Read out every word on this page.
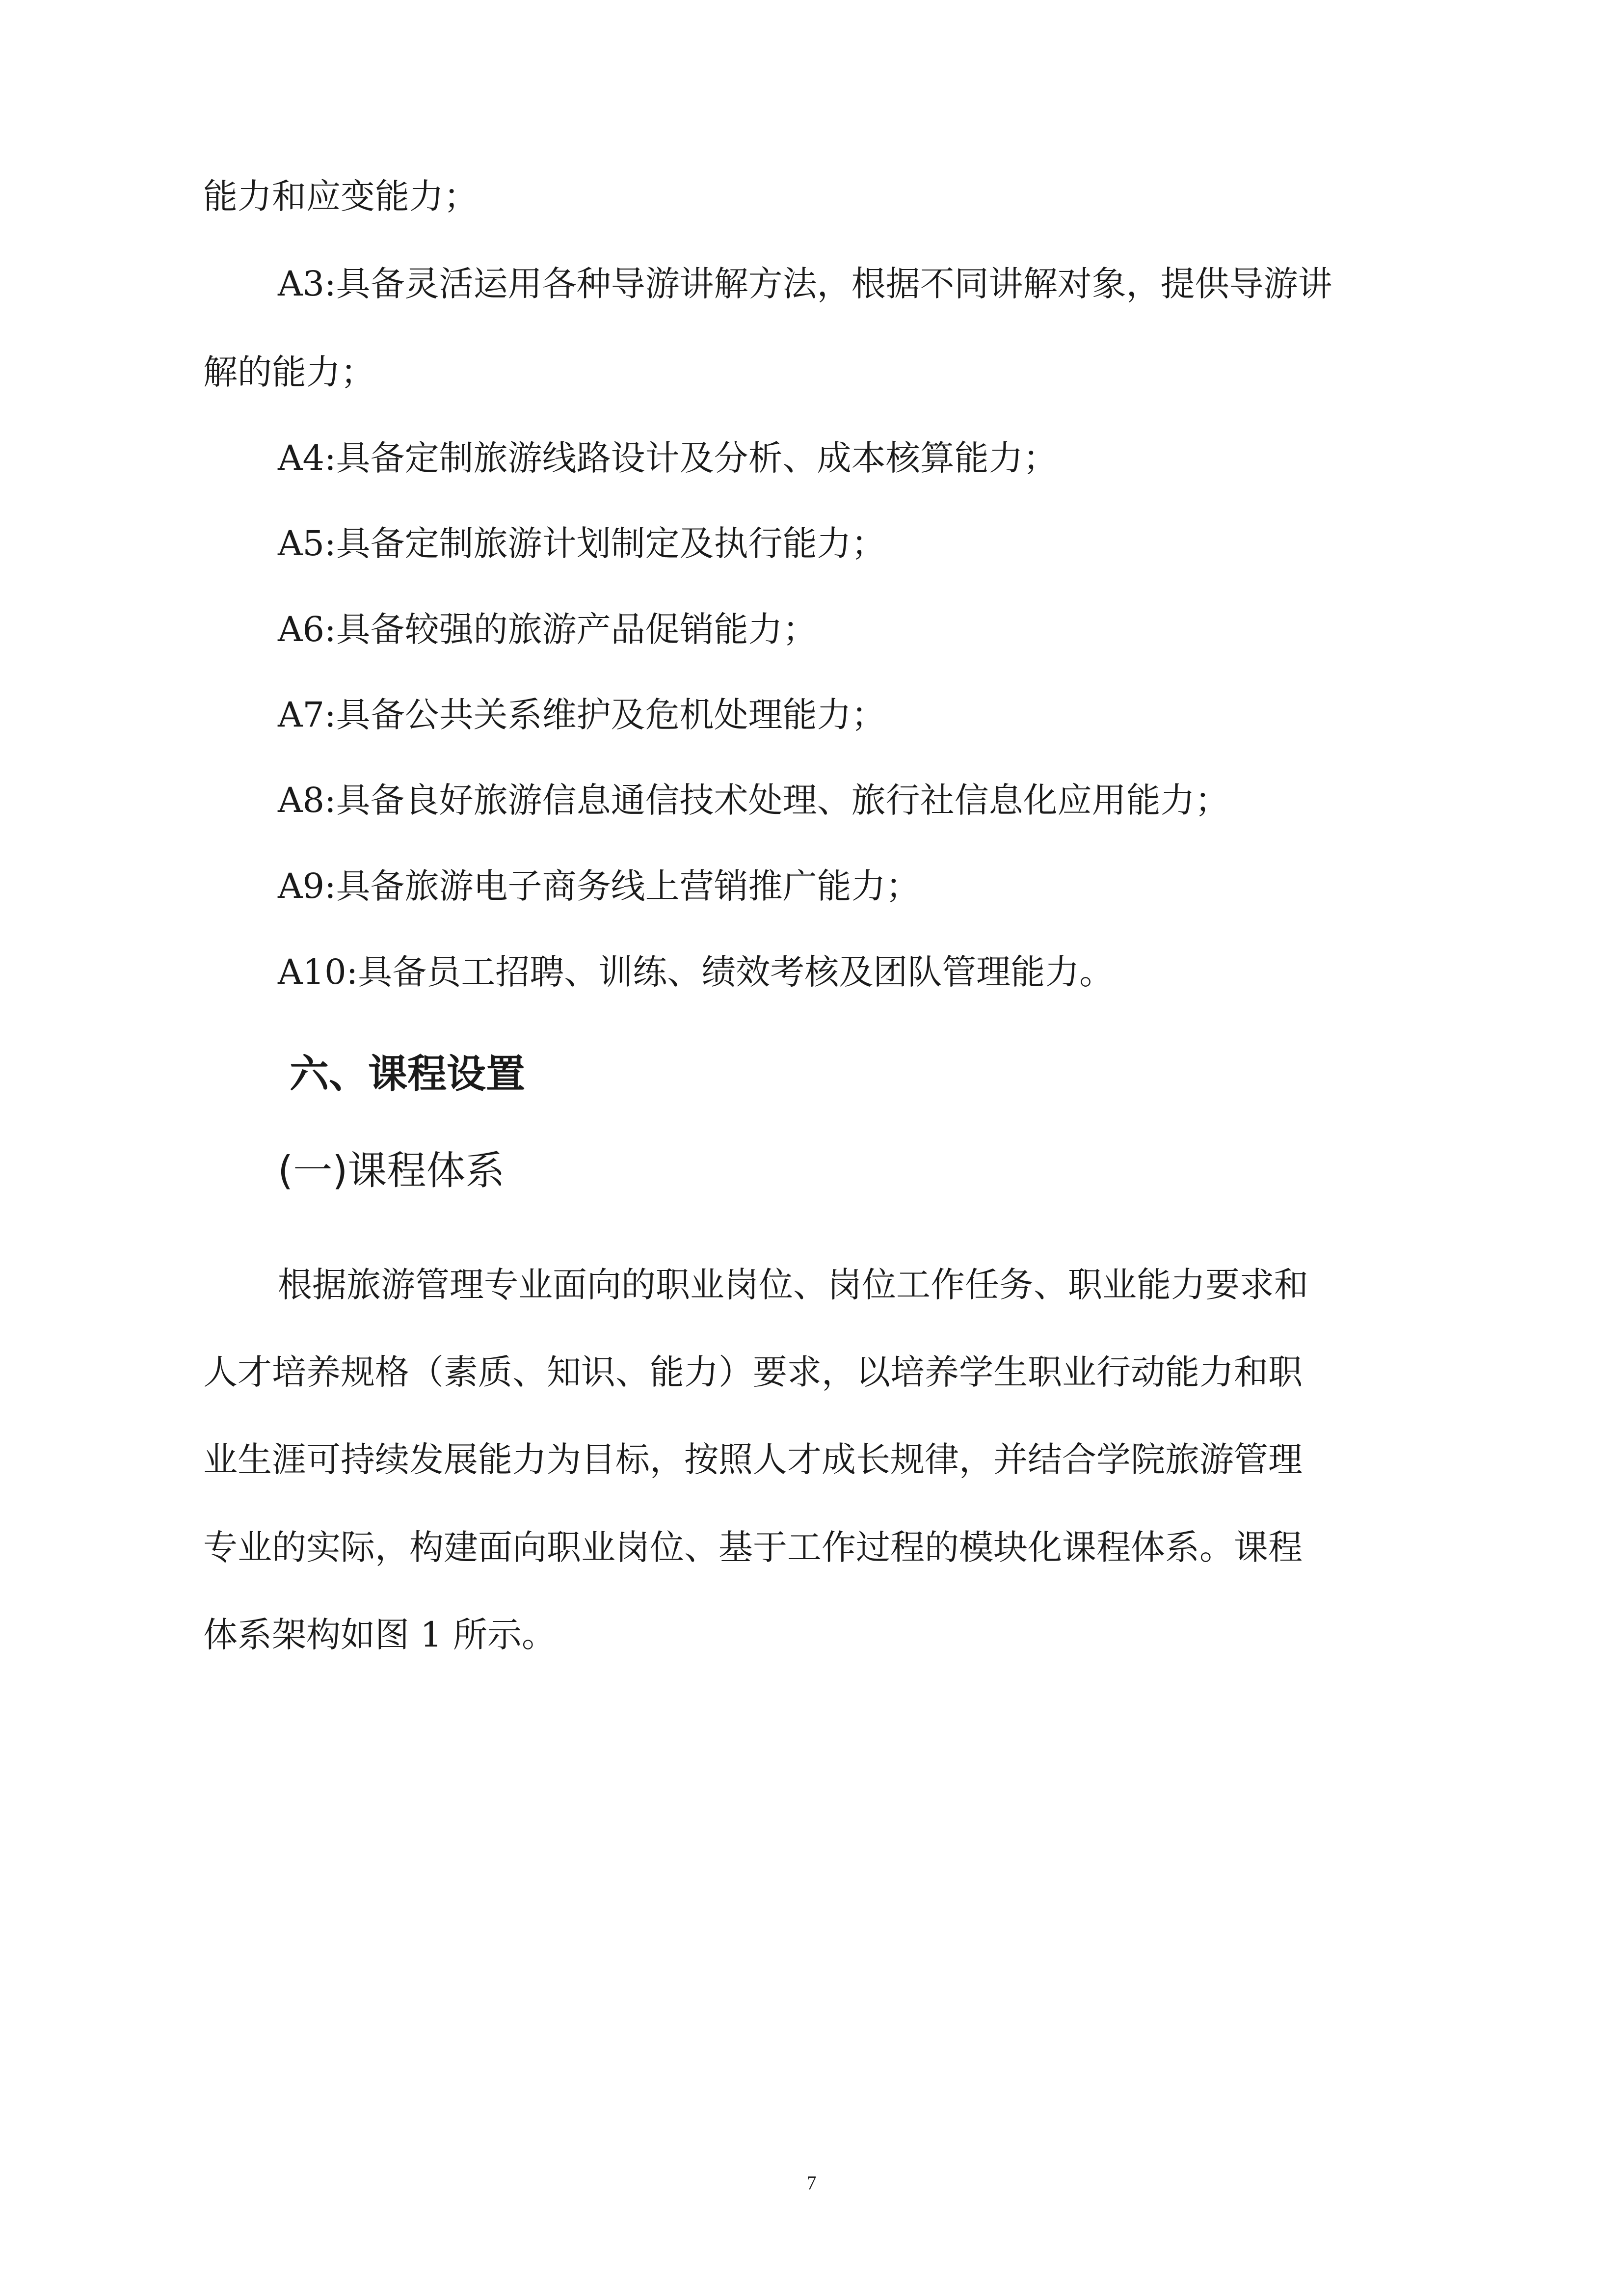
能力和应变能力；
A3:具备灵活运用各种导游讲解方法，根据不同讲解对象，提供导游讲
解的能力；
A4:具备定制旅游线路设计及分析、成本核算能力；
A5:具备定制旅游计划制定及执行能力；
A6:具备较强的旅游产品促销能力；
A7:具备公共关系维护及危机处理能力；
A8:具备良好旅游信息通信技术处理、旅行社信息化应用能力；
A9:具备旅游电子商务线上营销推广能力；
A10:具备员工招聘、训练、绩效考核及团队管理能力。
六、课程设置
(一)课程体系
根据旅游管理专业面向的职业岗位、岗位工作任务、职业能力要求和
人才培养规格（素质、知识、能力）要求，以培养学生职业行动能力和职
业生涯可持续发展能力为目标，按照人才成长规律，并结合学院旅游管理
专业的实际，构建面向职业岗位、基于工作过程的模块化课程体系。课程
体系架构如图 1 所示。
7
